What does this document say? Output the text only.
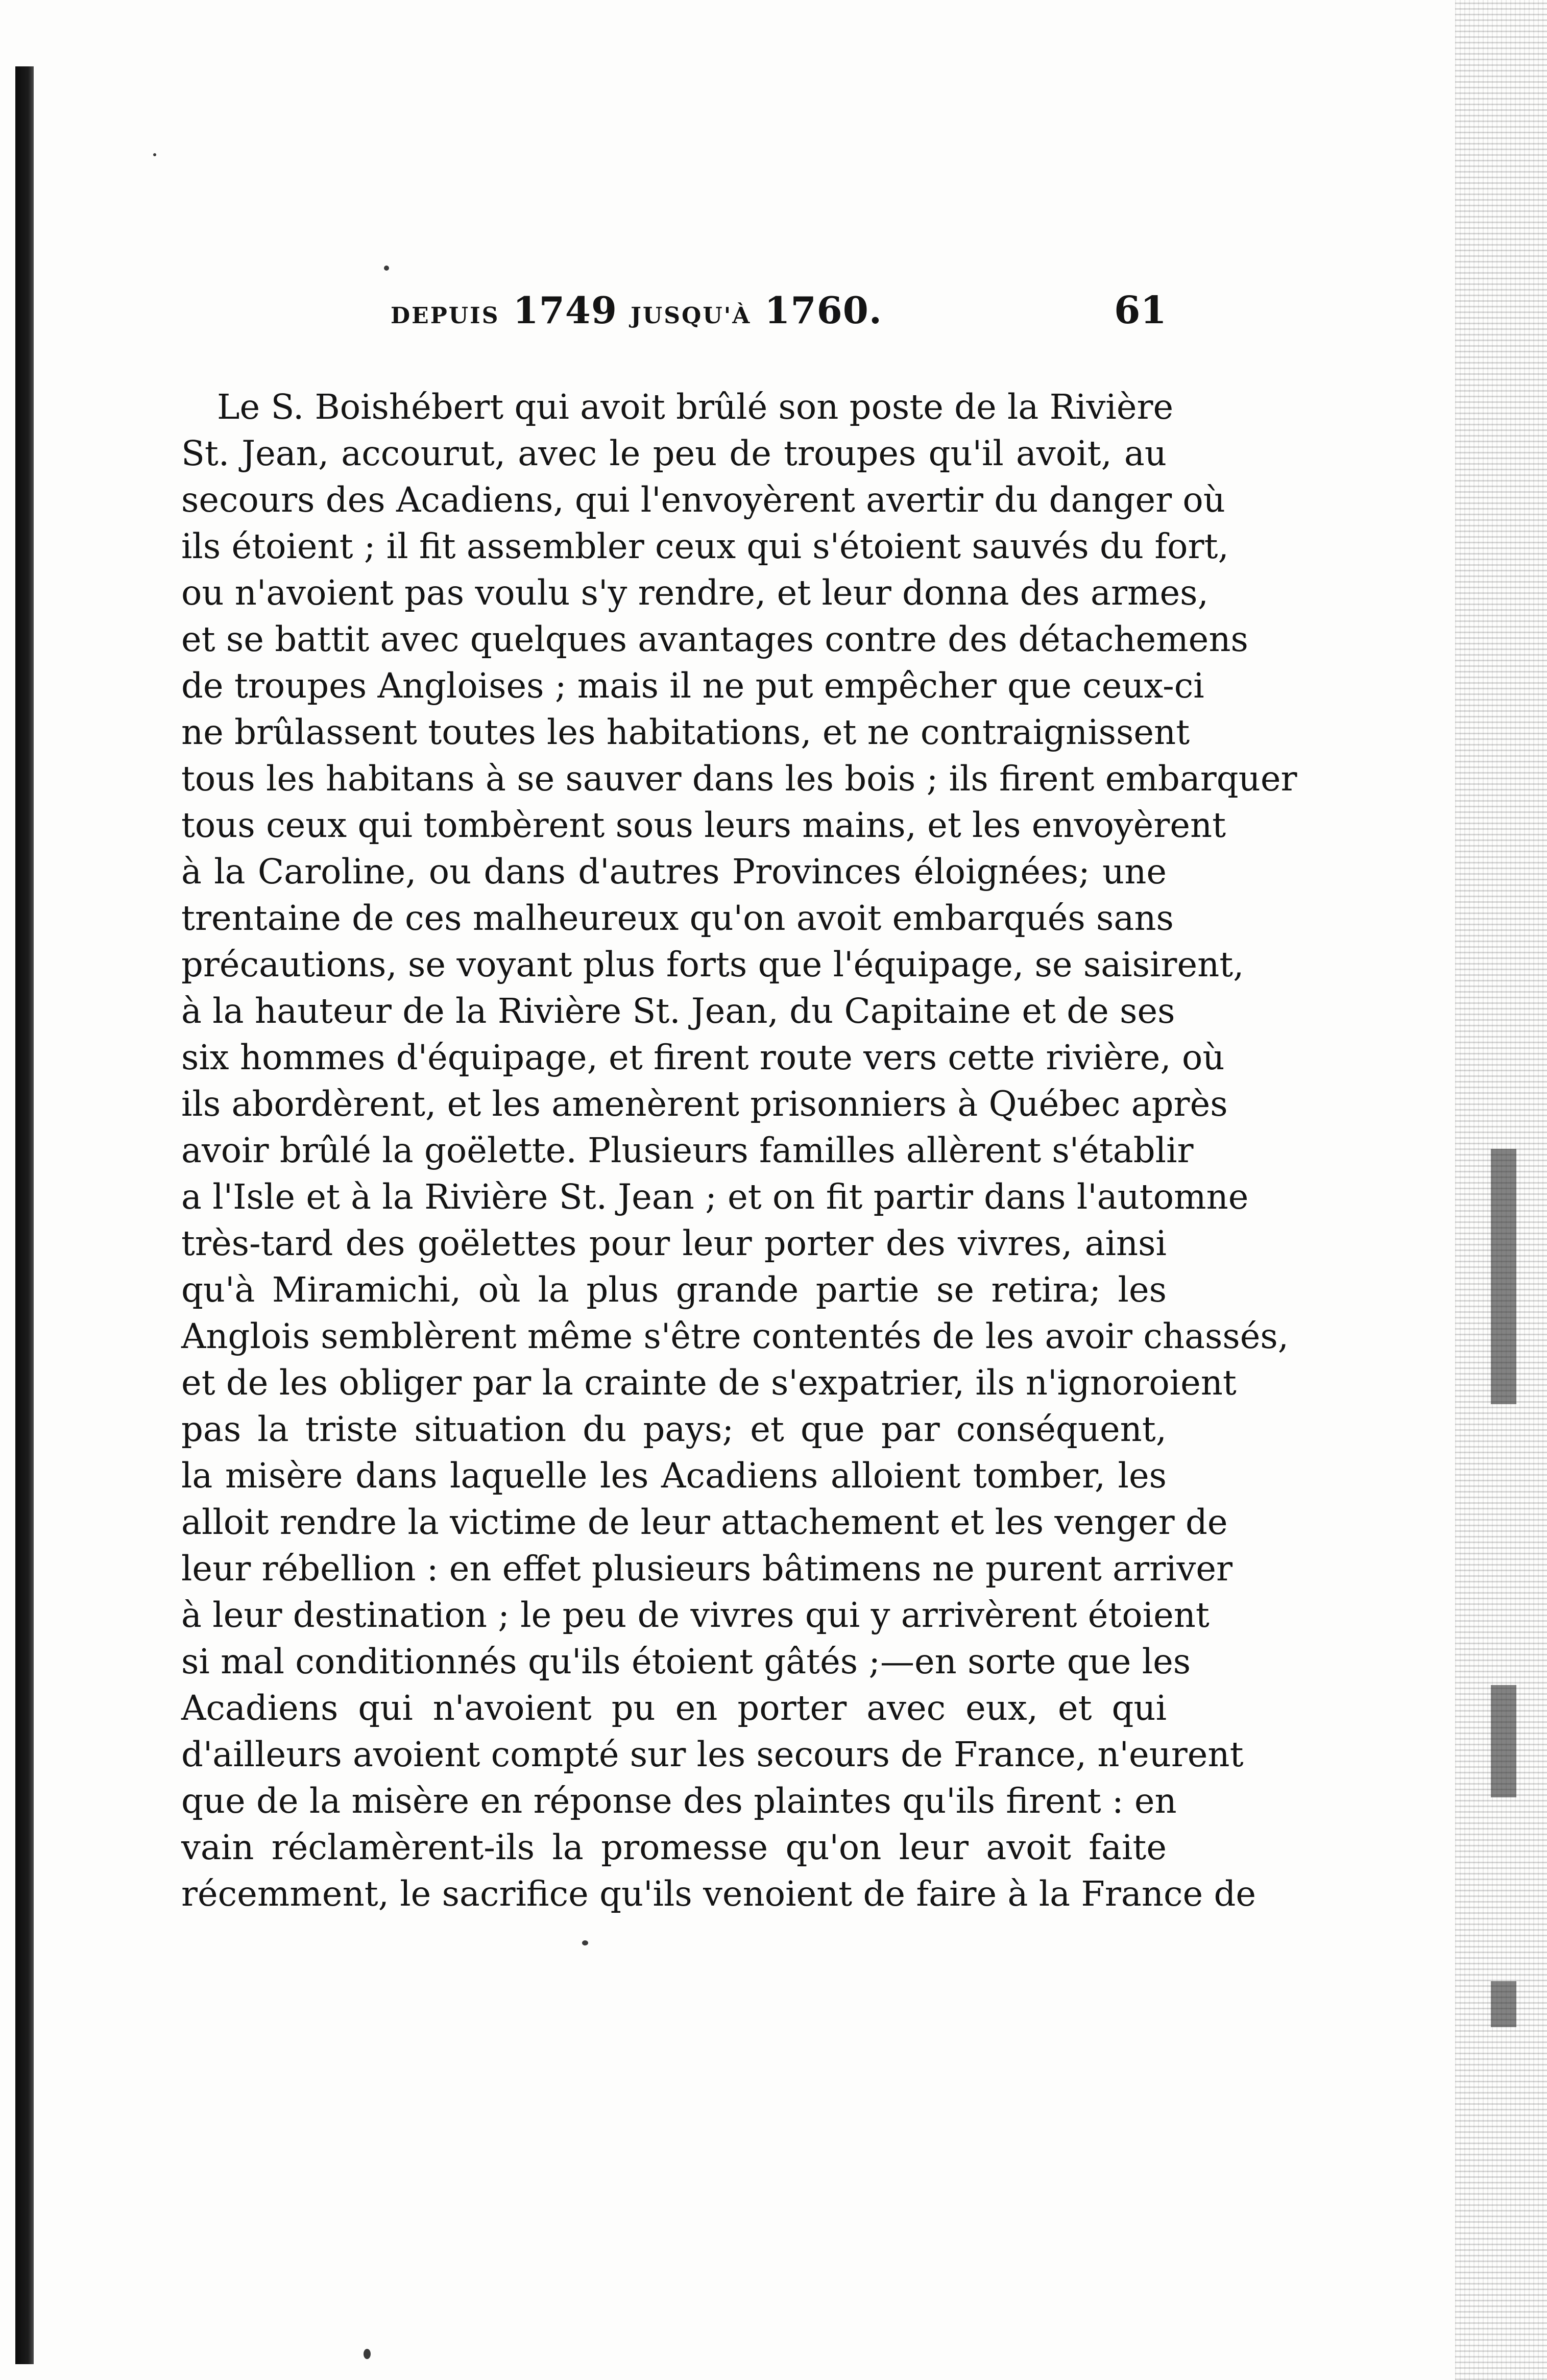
DEPUIS 1749 JUSQU'À 1760.	61
Le S. Boishébert qui avoit brûlé son poste de la Rivière
St. Jean, accourut, avec le peu de troupes qu'il avoit, au
secours des Acadiens, qui l'envoyèrent avertir du danger où
ils étoient ; il fit assembler ceux qui s'étoient sauvés du fort,
ou n'avoient pas voulu s'y rendre, et leur donna des armes,
et se battit avec quelques avantages contre des détachemens
de troupes Angloises ; mais il ne put empêcher que ceux-ci
ne brûlassent toutes les habitations, et ne contraignissent
tous les habitans à se sauver dans les bois ; ils firent embarquer
tous ceux qui tombèrent sous leurs mains, et les envoyèrent
à la Caroline, ou dans d'autres Provinces éloignées; une
trentaine de ces malheureux qu'on avoit embarqués sans
précautions, se voyant plus forts que l'équipage, se saisirent,
à la hauteur de la Rivière St. Jean, du Capitaine et de ses
six hommes d'équipage, et firent route vers cette rivière, où
ils abordèrent, et les amenèrent prisonniers à Québec après
avoir brûlé la goëlette. Plusieurs familles allèrent s'établir
a l'Isle et à la Rivière St. Jean ; et on fit partir dans l'automne
très-tard des goëlettes pour leur porter des vivres, ainsi
qu'à Miramichi, où la plus grande partie se retira; les
Anglois semblèrent même s'être contentés de les avoir chassés,
et de les obliger par la crainte de s'expatrier, ils n'ignoroient
pas la triste situation du pays; et que par conséquent,
la misère dans laquelle les Acadiens alloient tomber, les
alloit rendre la victime de leur attachement et les venger de
leur rébellion : en effet plusieurs bâtimens ne purent arriver
à leur destination ; le peu de vivres qui y arrivèrent étoient
si mal conditionnés qu'ils étoient gâtés ;—en sorte que les
Acadiens qui n'avoient pu en porter avec eux, et qui
d'ailleurs avoient compté sur les secours de France, n'eurent
que de la misère en réponse des plaintes qu'ils firent : en
vain réclamèrent-ils la promesse qu'on leur avoit faite
récemment, le sacrifice qu'ils venoient de faire à la France de
